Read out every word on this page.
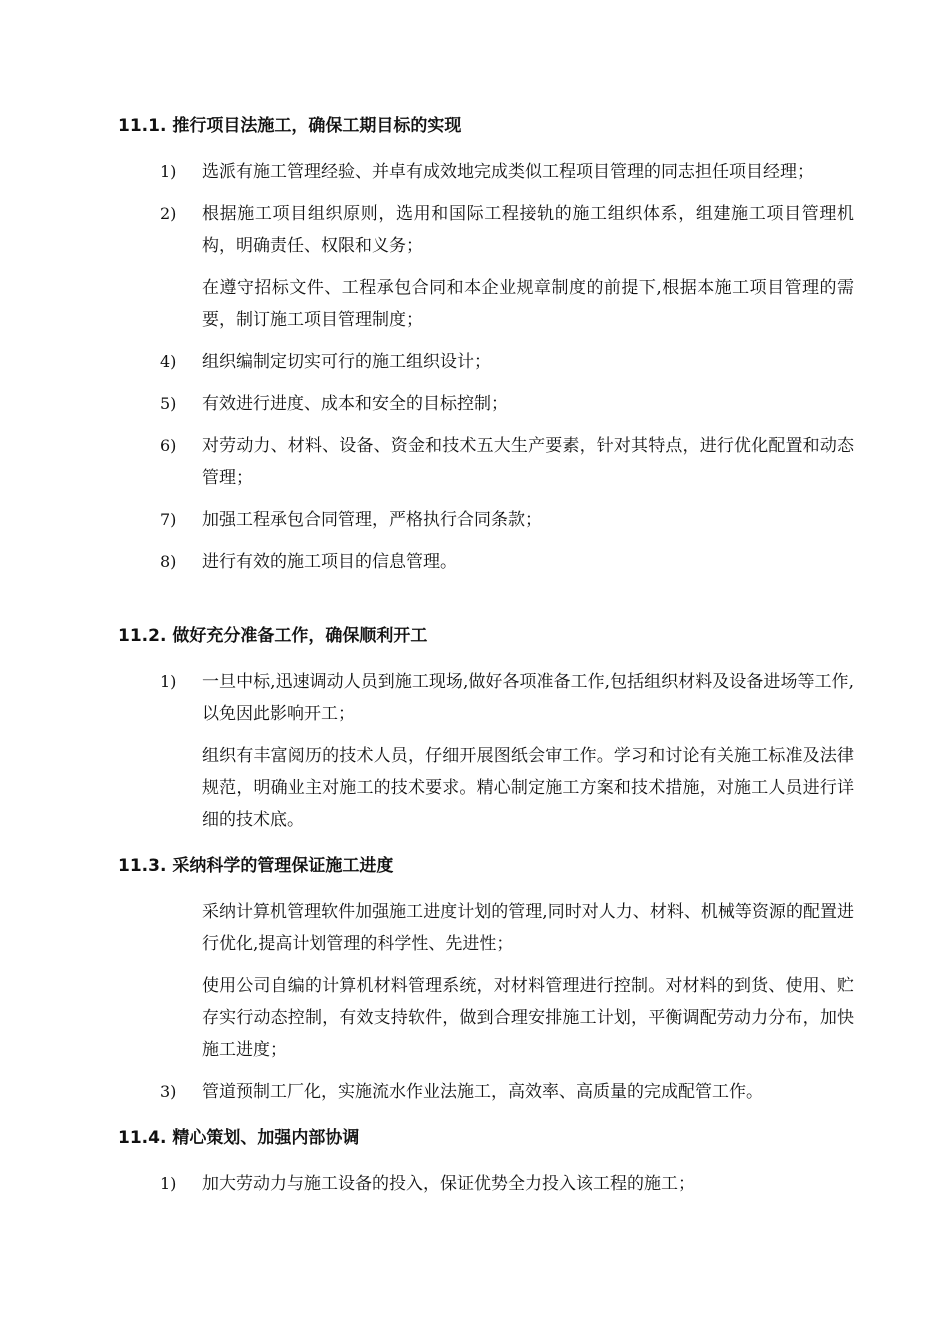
11.1. 推行项目法施工，确保工期目标的实现
1) 选派有施工管理经验、并卓有成效地完成类似工程项目管理的同志担任项目经理；
2) 根据施工项目组织原则，选用和国际工程接轨的施工组织体系，组建施工项目管理机构，明确责任、权限和义务；
在遵守招标文件、工程承包合同和本企业规章制度的前提下,根据本施工项目管理的需要，制订施工项目管理制度；
4) 组织编制定切实可行的施工组织设计；
5) 有效进行进度、成本和安全的目标控制；
6) 对劳动力、材料、设备、资金和技术五大生产要素，针对其特点，进行优化配置和动态管理；
7) 加强工程承包合同管理，严格执行合同条款；
8) 进行有效的施工项目的信息管理。
11.2. 做好充分准备工作，确保顺利开工
1) 一旦中标,迅速调动人员到施工现场,做好各项准备工作,包括组织材料及设备进场等工作,以免因此影响开工；
组织有丰富阅历的技术人员，仔细开展图纸会审工作。学习和讨论有关施工标准及法律规范，明确业主对施工的技术要求。精心制定施工方案和技术措施，对施工人员进行详细的技术底。
11.3. 采纳科学的管理保证施工进度
采纳计算机管理软件加强施工进度计划的管理,同时对人力、材料、机械等资源的配置进行优化,提高计划管理的科学性、先进性；
使用公司自编的计算机材料管理系统，对材料管理进行控制。对材料的到货、使用、贮存实行动态控制，有效支持软件，做到合理安排施工计划，平衡调配劳动力分布，加快施工进度；
3) 管道预制工厂化，实施流水作业法施工，高效率、高质量的完成配管工作。
11.4. 精心策划、加强内部协调
1) 加大劳动力与施工设备的投入，保证优势全力投入该工程的施工；
